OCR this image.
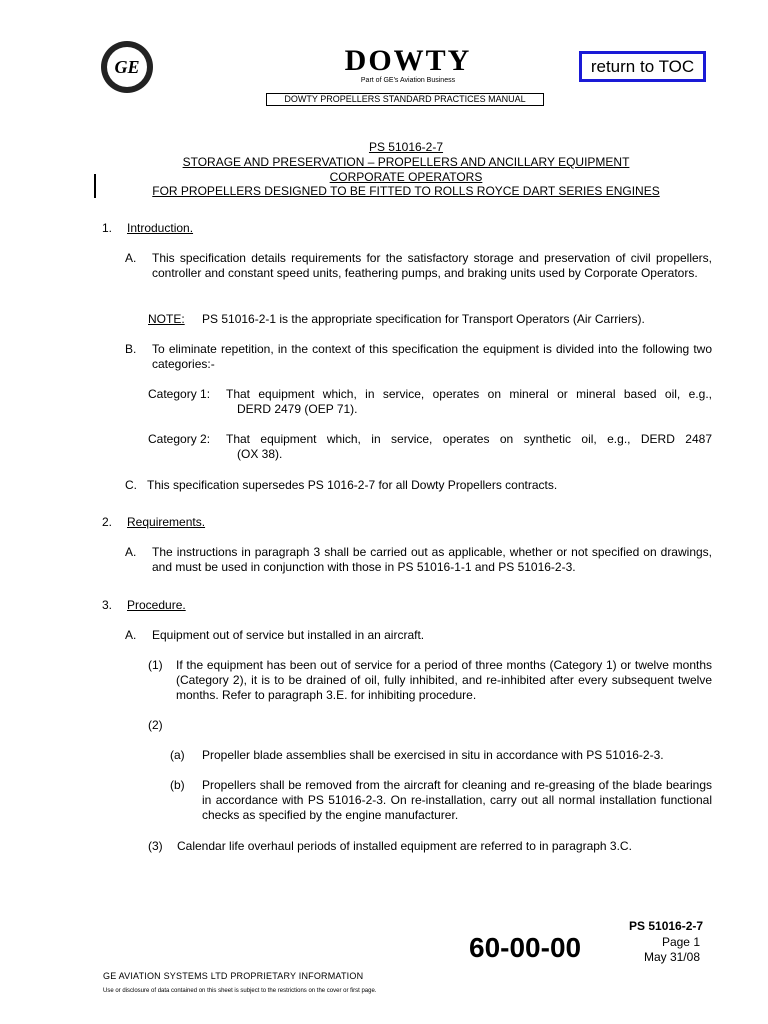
GE	DOWTY
Part of GE's Aviation Business
return to TOC
DOWTY PROPELLERS STANDARD PRACTICES MANUAL
PS 51016-2-7
STORAGE AND PRESERVATION – PROPELLERS AND ANCILLARY EQUIPMENT
CORPORATE OPERATORS
FOR PROPELLERS DESIGNED TO BE FITTED TO ROLLS ROYCE DART SERIES ENGINES
1. Introduction.
A. This specification details requirements for the satisfactory storage and preservation of civil propellers, controller and constant speed units, feathering pumps, and braking units used by Corporate Operators.
NOTE: PS 51016-2-1 is the appropriate specification for Transport Operators (Air Carriers).
B. To eliminate repetition, in the context of this specification the equipment is divided into the following two categories:-
Category 1: That equipment which, in service, operates on mineral or mineral based oil, e.g.,
DERD 2479 (OEP 71).
Category 2: That equipment which, in service, operates on synthetic oil, e.g., DERD 2487
(OX 38).
C. This specification supersedes PS 1016-2-7 for all Dowty Propellers contracts.
2. Requirements.
A. The instructions in paragraph 3 shall be carried out as applicable, whether or not specified on drawings, and must be used in conjunction with those in PS 51016-1-1 and PS 51016-2-3.
3. Procedure.
A. Equipment out of service but installed in an aircraft.
(1) If the equipment has been out of service for a period of three months (Category 1) or twelve months (Category 2), it is to be drained of oil, fully inhibited, and re-inhibited after every subsequent twelve months. Refer to paragraph 3.E. for inhibiting procedure.
(2)
(a) Propeller blade assemblies shall be exercised in situ in accordance with PS 51016-2-3.
(b) Propellers shall be removed from the aircraft for cleaning and re-greasing of the blade bearings in accordance with PS 51016-2-3. On re-installation, carry out all normal installation functional checks as specified by the engine manufacturer.
(3) Calendar life overhaul periods of installed equipment are referred to in paragraph 3.C.
PS 51016-2-7
Page 1
May 31/08
60-00-00
GE AVIATION SYSTEMS LTD PROPRIETARY INFORMATION
Use or disclosure of data contained on this sheet is subject to the restrictions on the cover or first page.
